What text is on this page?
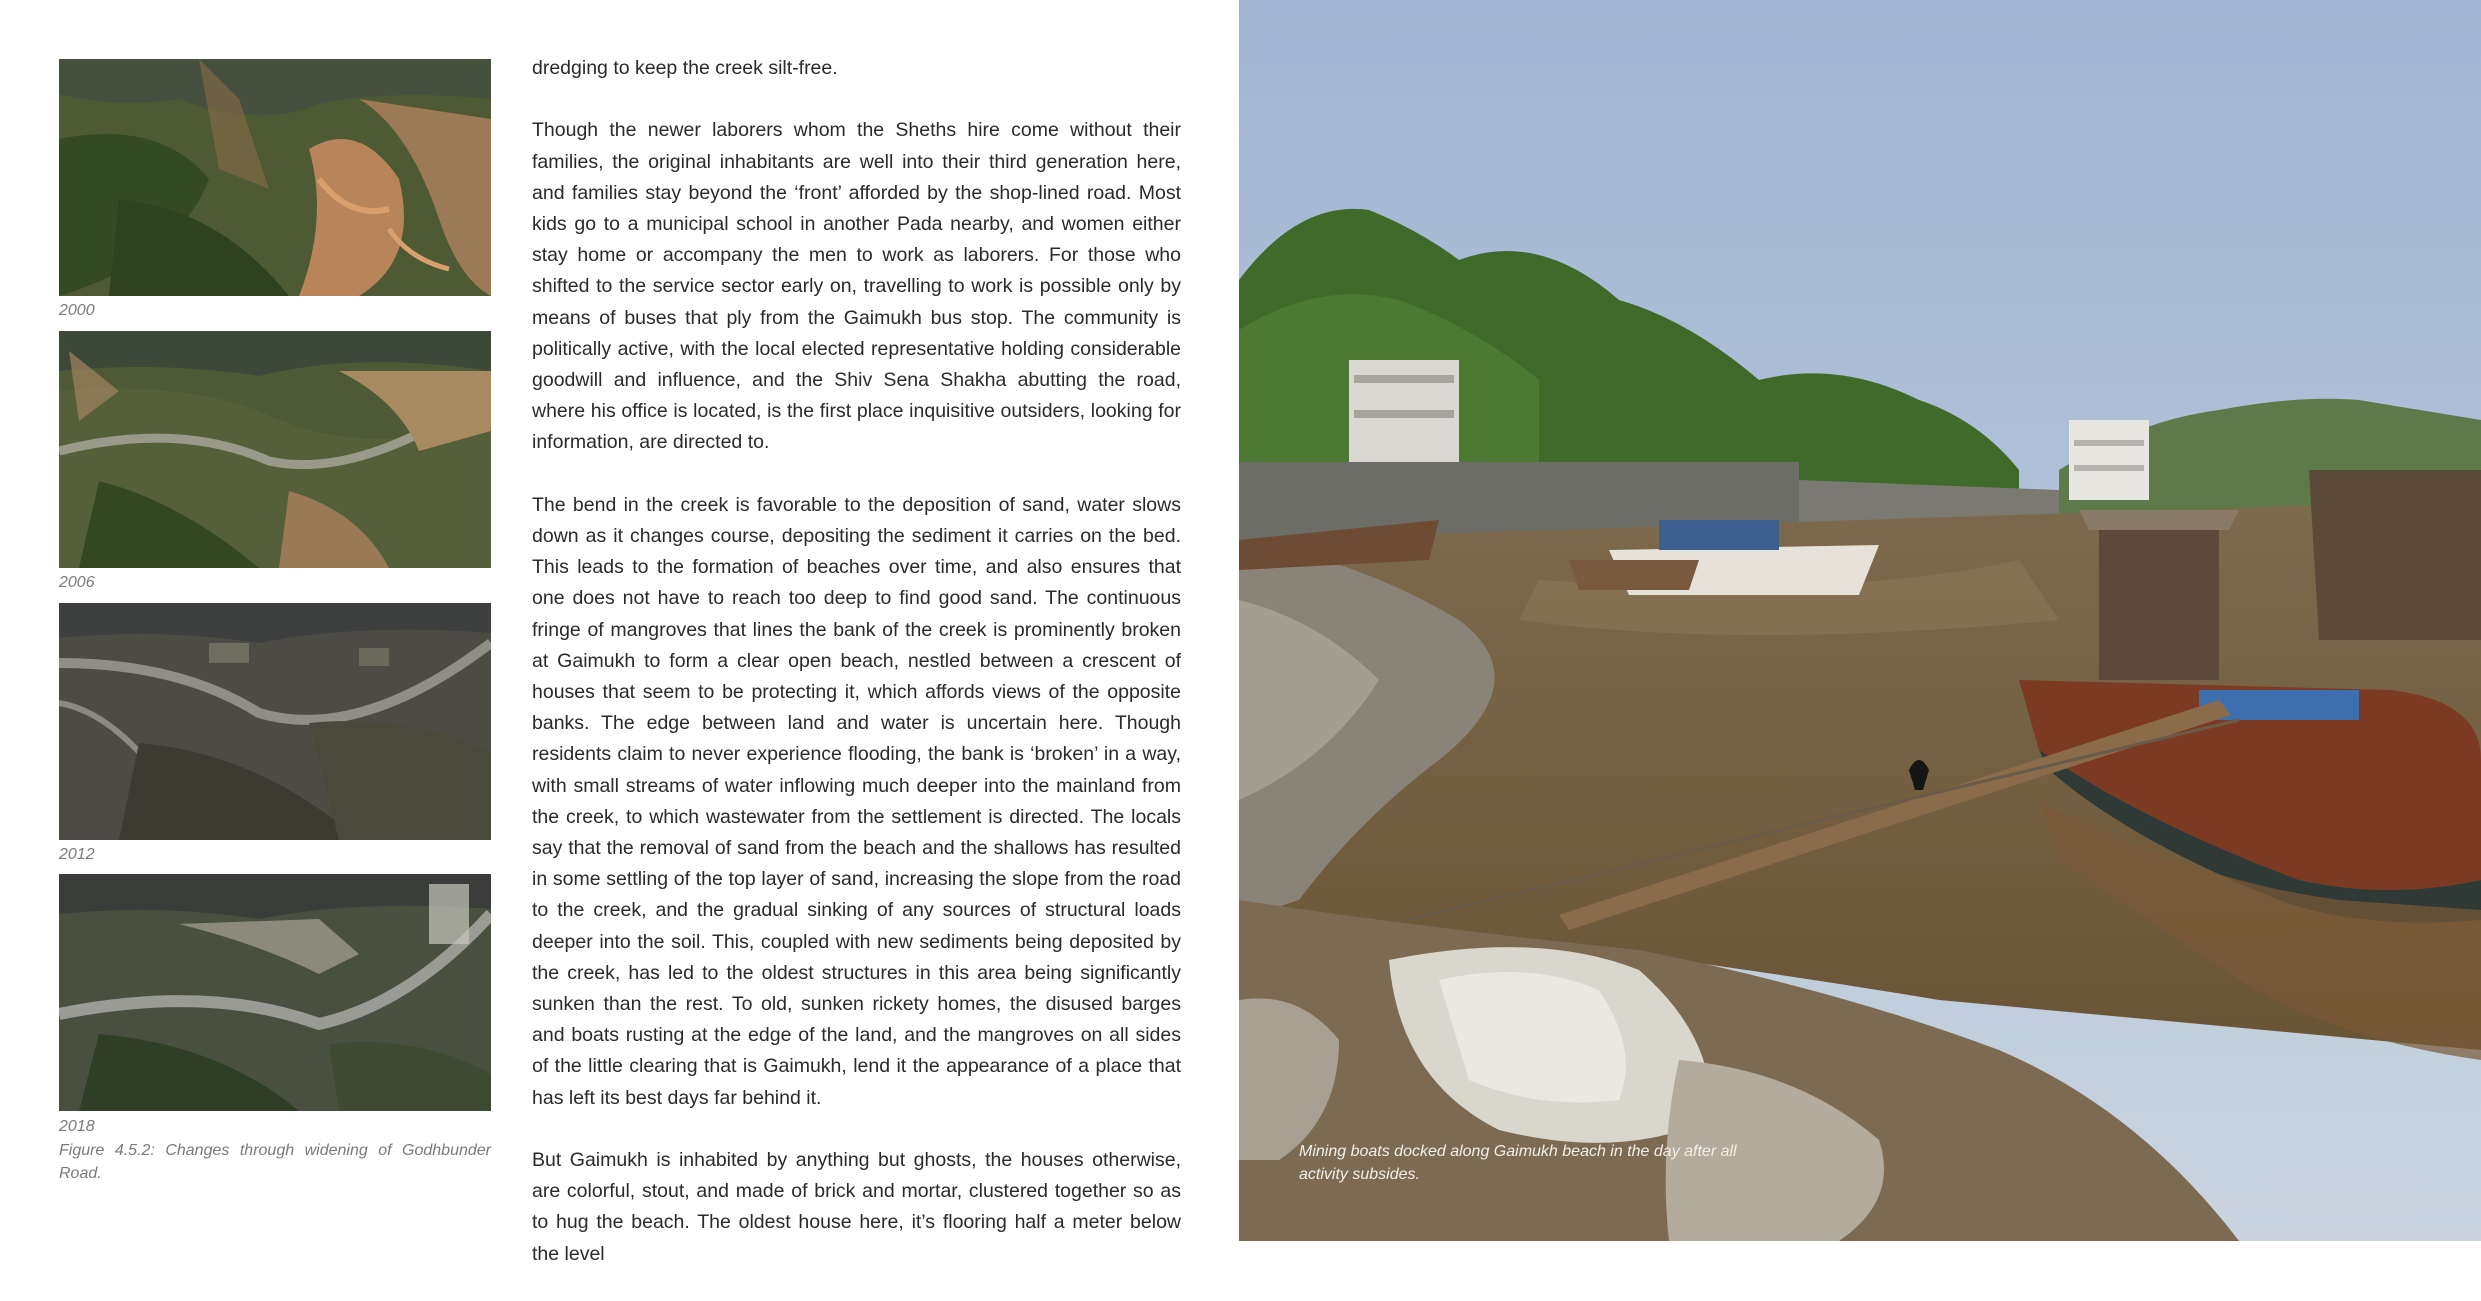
2000
2006
2012
2018
Figure 4.5.2: Changes through widening of Godhbunder Road.

dredging to keep the creek silt-free.

Though the newer laborers whom the Sheths hire come without their families, the original inhabitants are well into their third generation here, and families stay beyond the ‘front’ afforded by the shop-lined road. Most kids go to a municipal school in another Pada nearby, and women either stay home or accompany the men to work as laborers. For those who shifted to the service sector early on, travelling to work is possible only by means of buses that ply from the Gaimukh bus stop. The community is politically active, with the local elected representative holding considerable goodwill and influence, and the Shiv Sena Shakha abutting the road, where his office is located, is the first place inquisitive outsiders, looking for information, are directed to.

The bend in the creek is favorable to the deposition of sand, water slows down as it changes course, depositing the sediment it carries on the bed. This leads to the formation of beaches over time, and also ensures that one does not have to reach too deep to find good sand. The continuous fringe of mangroves that lines the bank of the creek is prominently broken at Gaimukh to form a clear open beach, nestled between a crescent of houses that seem to be protecting it, which affords views of the opposite banks. The edge between land and water is uncertain here. Though residents claim to never experience flooding, the bank is ‘broken’ in a way, with small streams of water inflowing much deeper into the mainland from the creek, to which wastewater from the settlement is directed. The locals say that the removal of sand from the beach and the shallows has resulted in some settling of the top layer of sand, increasing the slope from the road to the creek, and the gradual sinking of any sources of structural loads deeper into the soil. This, coupled with new sediments being deposited by the creek, has led to the oldest structures in this area being significantly sunken than the rest. To old, sunken rickety homes, the disused barges and boats rusting at the edge of the land, and the mangroves on all sides of the little clearing that is Gaimukh, lend it the appearance of a place that has left its best days far behind it.

But Gaimukh is inhabited by anything but ghosts, the houses otherwise, are colorful, stout, and made of brick and mortar, clustered together so as to hug the beach. The oldest house here, it’s flooring half a meter below the level

Mining boats docked along Gaimukh beach in the day after all activity subsides.
